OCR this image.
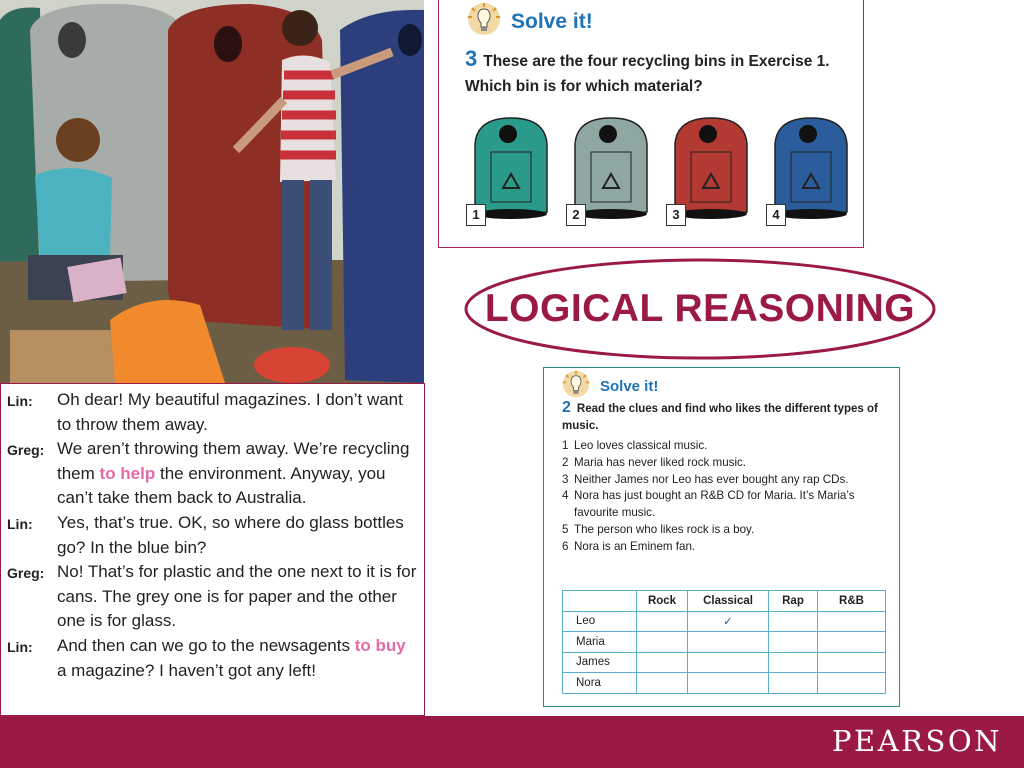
Lin:	Oh dear! My beautiful magazines. I don’t want to throw them away.
Greg: We aren’t throwing them away. We’re recycling them to help the environment. Anyway, you can’t take them back to Australia.
Lin:	Yes, that’s true. OK, so where do glass bottles go? In the blue bin?
Greg: No! That’s for plastic and the one next to it is for cans. The grey one is for paper and the other one is for glass.
Lin:	And then can we go to the newsagents to buy a magazine? I haven’t got any left!
Solve it!
3 These are the four recycling bins in Exercise 1. Which bin is for which material?
1	2	3	4
LOGICAL REASONING
Solve it!
2 Read the clues and find who likes the different types of music.
1 Leo loves classical music.
2 Maria has never liked rock music.
3 Neither James nor Leo has ever bought any rap CDs.
4 Nora has just bought an R&B CD for Maria. It’s Maria’s favourite music.
5 The person who likes rock is a boy.
6 Nora is an Eminem fan.
	Rock	Classical	Rap	R&B
Leo		✓		
Maria				
James				
Nora				
PEARSON
